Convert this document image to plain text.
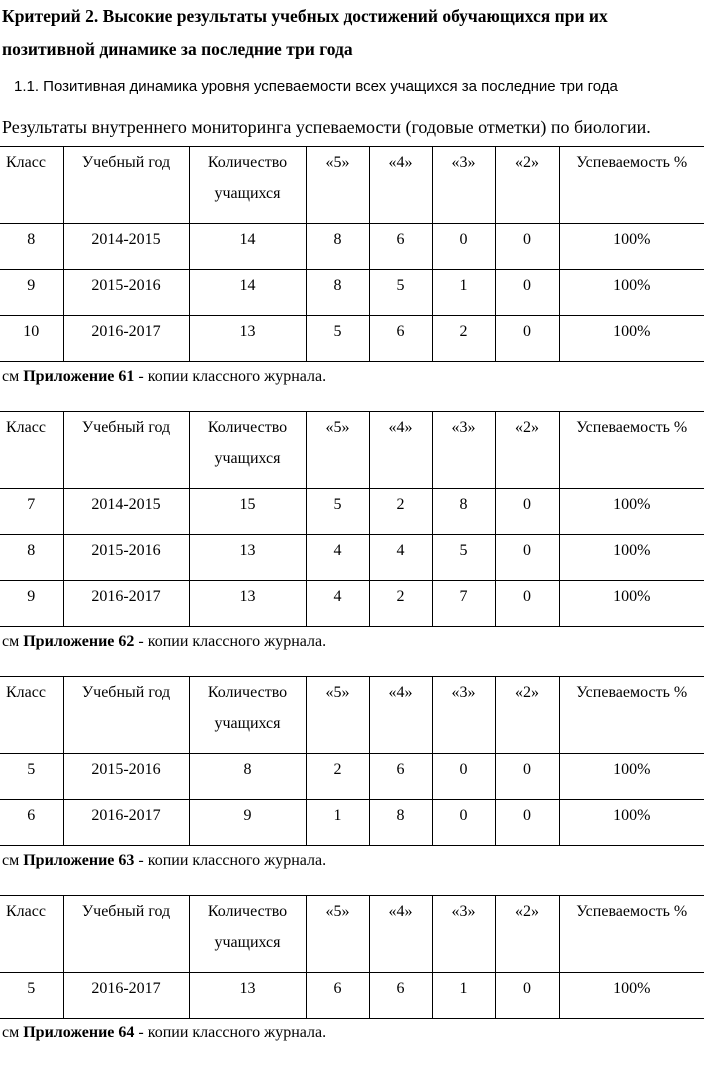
Критерий 2. Высокие результаты учебных достижений обучающихся при их позитивной динамике за последние три года

1.1. Позитивная динамика уровня успеваемости всех учащихся за последние три года

Результаты внутреннего мониторинга успеваемости (годовые отметки) по биологии.

Класс	Учебный год	Количество учащихся	«5»	«4»	«3»	«2»	Успеваемость %
8	2014-2015	14	8	6	0	0	100%
9	2015-2016	14	8	5	1	0	100%
10	2016-2017	13	5	6	2	0	100%

см Приложение 61 - копии классного журнала.

Класс	Учебный год	Количество учащихся	«5»	«4»	«3»	«2»	Успеваемость %
7	2014-2015	15	5	2	8	0	100%
8	2015-2016	13	4	4	5	0	100%
9	2016-2017	13	4	2	7	0	100%

см Приложение 62 - копии классного журнала.

Класс	Учебный год	Количество учащихся	«5»	«4»	«3»	«2»	Успеваемость %
5	2015-2016	8	2	6	0	0	100%
6	2016-2017	9	1	8	0	0	100%

см Приложение 63 - копии классного журнала.

Класс	Учебный год	Количество учащихся	«5»	«4»	«3»	«2»	Успеваемость %
5	2016-2017	13	6	6	1	0	100%

см Приложение 64 - копии классного журнала.
